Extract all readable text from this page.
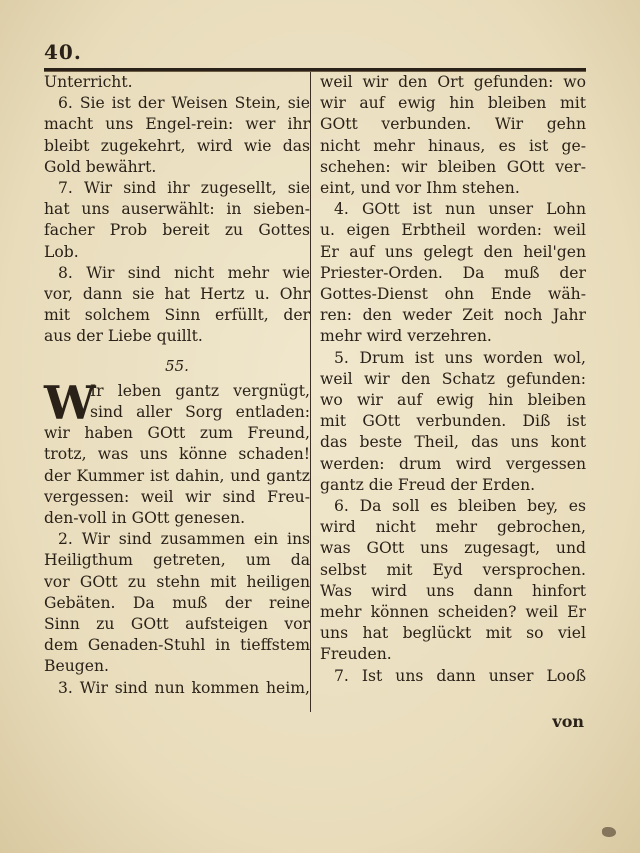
40.
Unterricht.
6. Sie ist der Weisen Stein, sie
macht uns Engel-rein: wer ihr
bleibt zugekehrt, wird wie das
Gold bewährt.
7. Wir sind ihr zugesellt, sie
hat uns auserwählt: in sieben-
facher Prob bereit zu Gottes
Lob.
8. Wir sind nicht mehr wie
vor, dann sie hat Hertz u. Ohr
mit solchem Sinn erfüllt, der
aus der Liebe quillt.
55.
W
Ir leben gantz vergnügt,
sind aller Sorg entladen:
wir haben GOtt zum Freund,
trotz, was uns könne schaden!
der Kummer ist dahin, und gantz
vergessen: weil wir sind Freu-
den-voll in GOtt genesen.
2. Wir sind zusammen ein ins
Heiligthum getreten, um da
vor GOtt zu stehn mit heiligen
Gebäten. Da muß der reine
Sinn zu GOtt aufsteigen vor
dem Genaden-Stuhl in tieffstem
Beugen.
3. Wir sind nun kommen heim,
weil wir den Ort gefunden: wo
wir auf ewig hin bleiben mit
GOtt verbunden. Wir gehn
nicht mehr hinaus, es ist ge-
schehen: wir bleiben GOtt ver-
eint, und vor Ihm stehen.
4. GOtt ist nun unser Lohn
u. eigen Erbtheil worden: weil
Er auf uns gelegt den heil'gen
Priester-Orden. Da muß der
Gottes-Dienst ohn Ende wäh-
ren: den weder Zeit noch Jahr
mehr wird verzehren.
5. Drum ist uns worden wol,
weil wir den Schatz gefunden:
wo wir auf ewig hin bleiben
mit GOtt verbunden. Diß ist
das beste Theil, das uns kont
werden: drum wird vergessen
gantz die Freud der Erden.
6. Da soll es bleiben bey, es
wird nicht mehr gebrochen,
was GOtt uns zugesagt, und
selbst mit Eyd versprochen.
Was wird uns dann hinfort
mehr können scheiden? weil Er
uns hat beglückt mit so viel
Freuden.
7. Ist uns dann unser Looß
von
